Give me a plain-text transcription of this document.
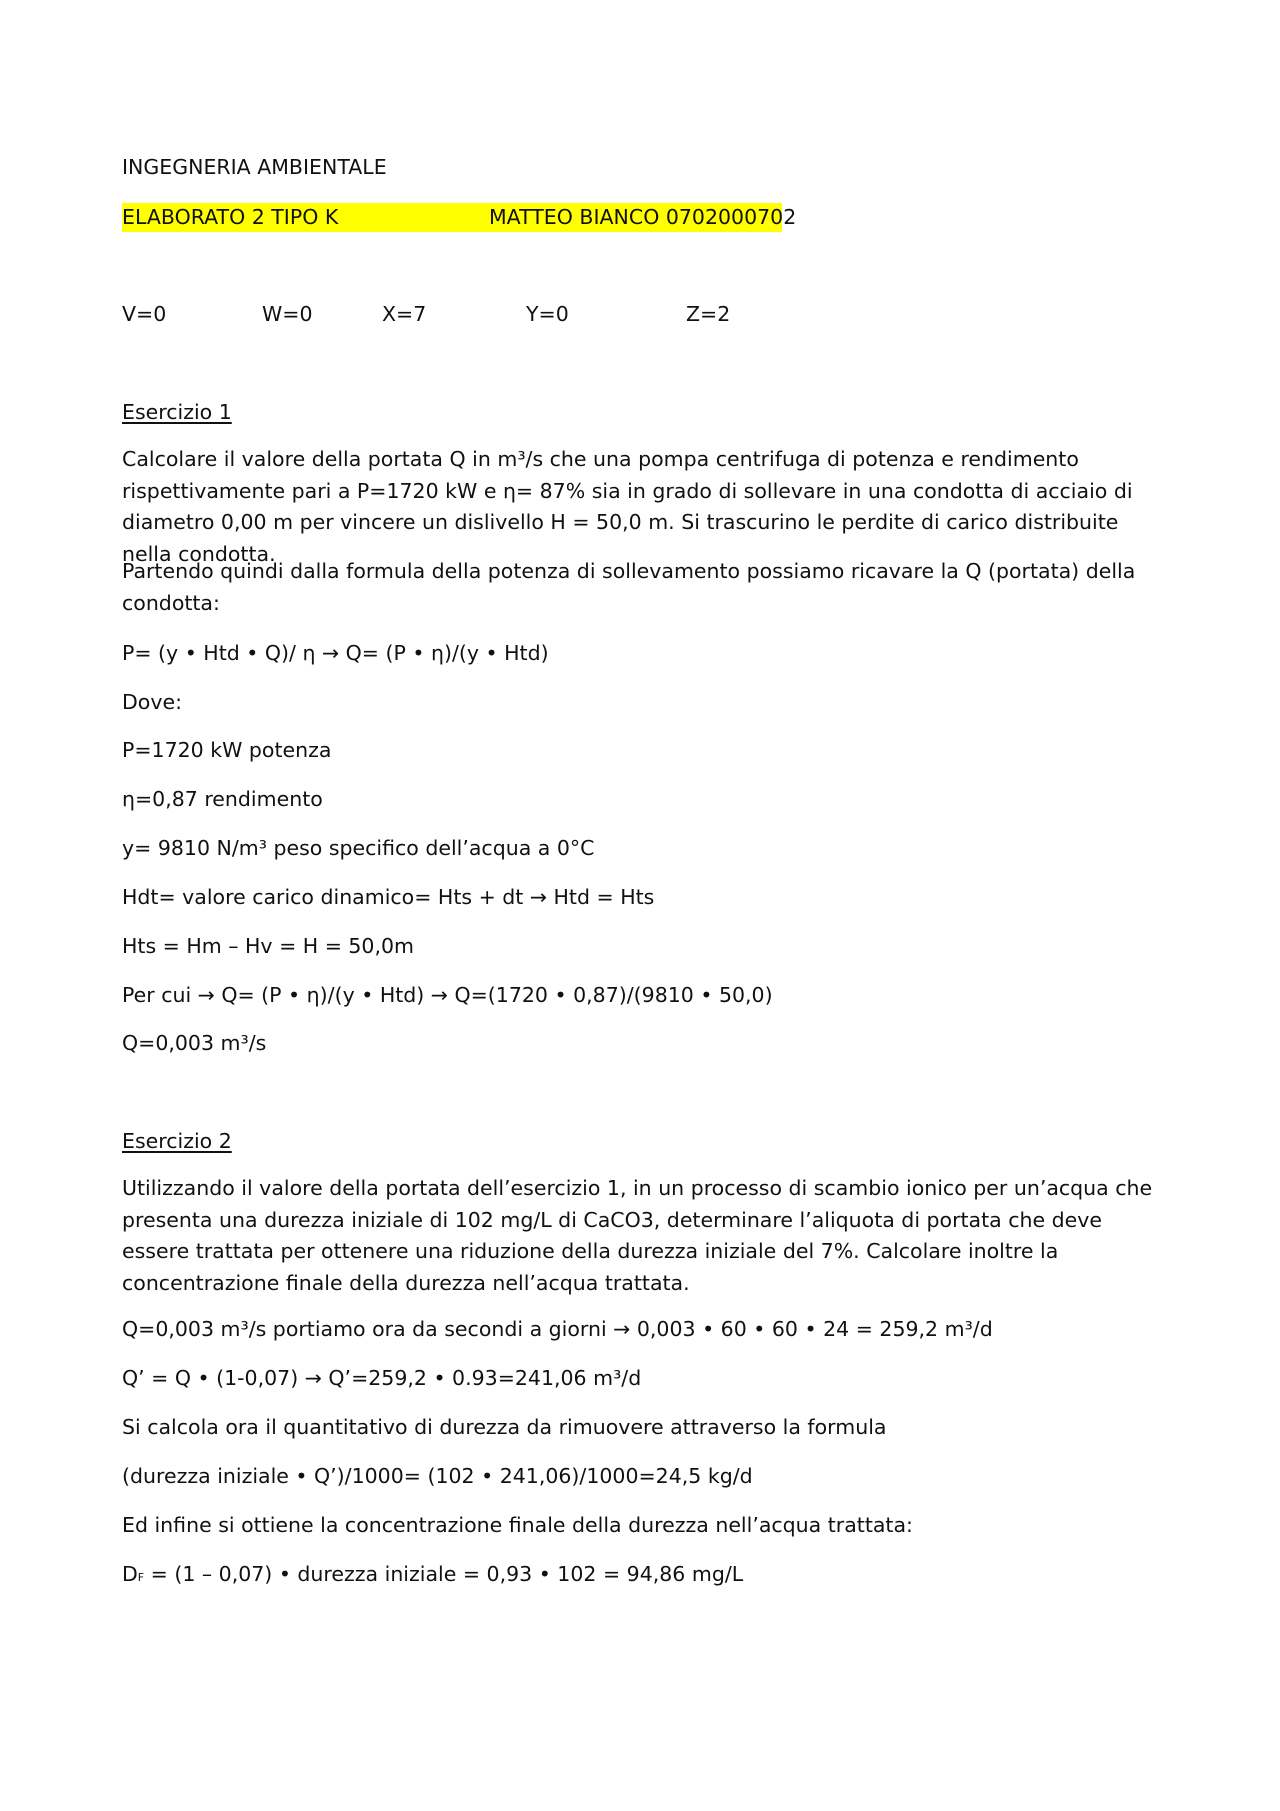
INGEGNERIA AMBIENTALE

ELABORATO 2 TIPO K	MATTEO BIANCO 0702000702

V=0	W=0	X=7	Y=0	Z=2

Esercizio 1

Calcolare il valore della portata Q in m³/s che una pompa centrifuga di potenza e rendimento rispettivamente pari a P=1720 kW e η= 87% sia in grado di sollevare in una condotta di acciaio di diametro 0,00 m per vincere un dislivello H = 50,0 m. Si trascurino le perdite di carico distribuite nella condotta.

Partendo quindi dalla formula della potenza di sollevamento possiamo ricavare la Q (portata) della condotta:

P= (y • Htd • Q)/ η → Q= (P • η)/(y • Htd)

Dove:

P=1720 kW potenza

η=0,87 rendimento

y= 9810 N/m³ peso specifico dell’acqua a 0°C

Hdt= valore carico dinamico= Hts + dt → Htd = Hts

Hts = Hm – Hv = H = 50,0m

Per cui → Q= (P • η)/(y • Htd) → Q=(1720 • 0,87)/(9810 • 50,0)

Q=0,003 m³/s

Esercizio 2

Utilizzando il valore della portata dell’esercizio 1, in un processo di scambio ionico per un’acqua che presenta una durezza iniziale di 102 mg/L di CaCO3, determinare l’aliquota di portata che deve essere trattata per ottenere una riduzione della durezza iniziale del 7%. Calcolare inoltre la concentrazione finale della durezza nell’acqua trattata.

Q=0,003 m³/s portiamo ora da secondi a giorni → 0,003 • 60 • 60 • 24 = 259,2 m³/d

Q’ = Q • (1-0,07) → Q’=259,2 • 0.93=241,06 m³/d

Si calcola ora il quantitativo di durezza da rimuovere attraverso la formula

(durezza iniziale • Q’)/1000= (102 • 241,06)/1000=24,5 kg/d

Ed infine si ottiene la concentrazione finale della durezza nell’acqua trattata:

DF = (1 – 0,07) • durezza iniziale = 0,93 • 102 = 94,86 mg/L
